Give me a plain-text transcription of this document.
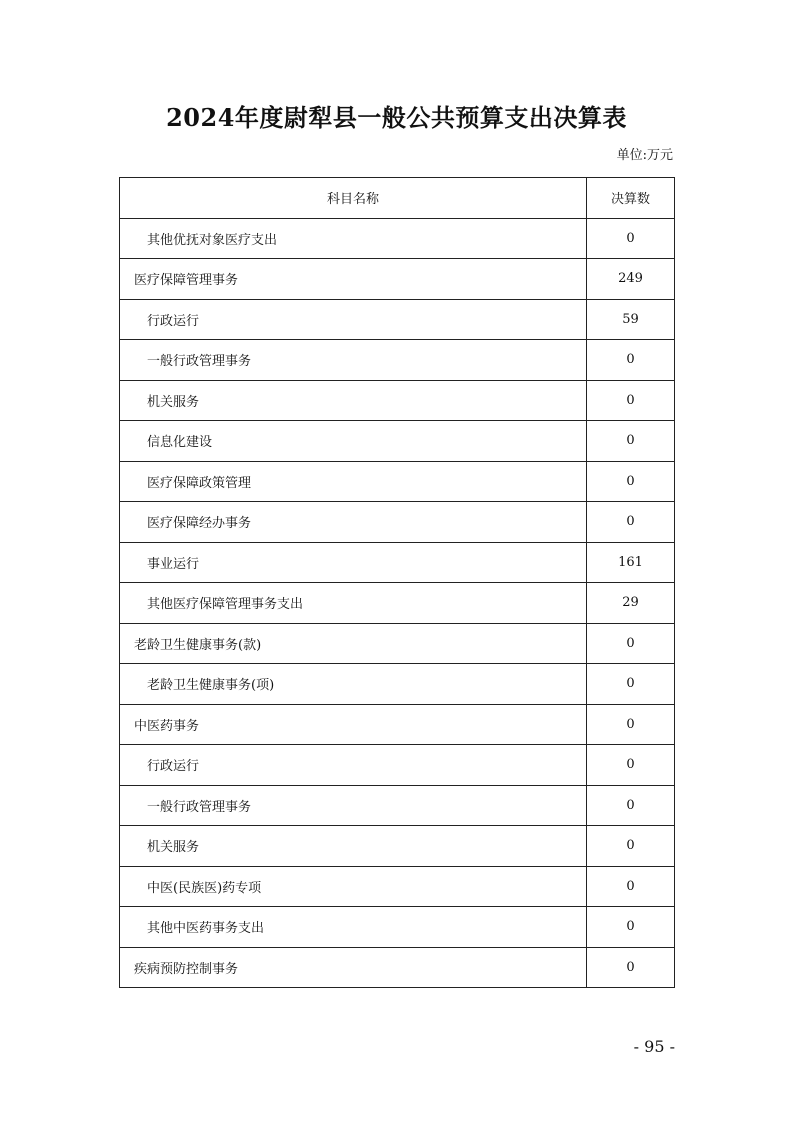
2024年度尉犁县一般公共预算支出决算表
单位:万元
科目名称	决算数
其他优抚对象医疗支出	0
医疗保障管理事务	249
行政运行	59
一般行政管理事务	0
机关服务	0
信息化建设	0
医疗保障政策管理	0
医疗保障经办事务	0
事业运行	161
其他医疗保障管理事务支出	29
老龄卫生健康事务(款)	0
老龄卫生健康事务(项)	0
中医药事务	0
行政运行	0
一般行政管理事务	0
机关服务	0
中医(民族医)药专项	0
其他中医药事务支出	0
疾病预防控制事务	0
- 95 -
